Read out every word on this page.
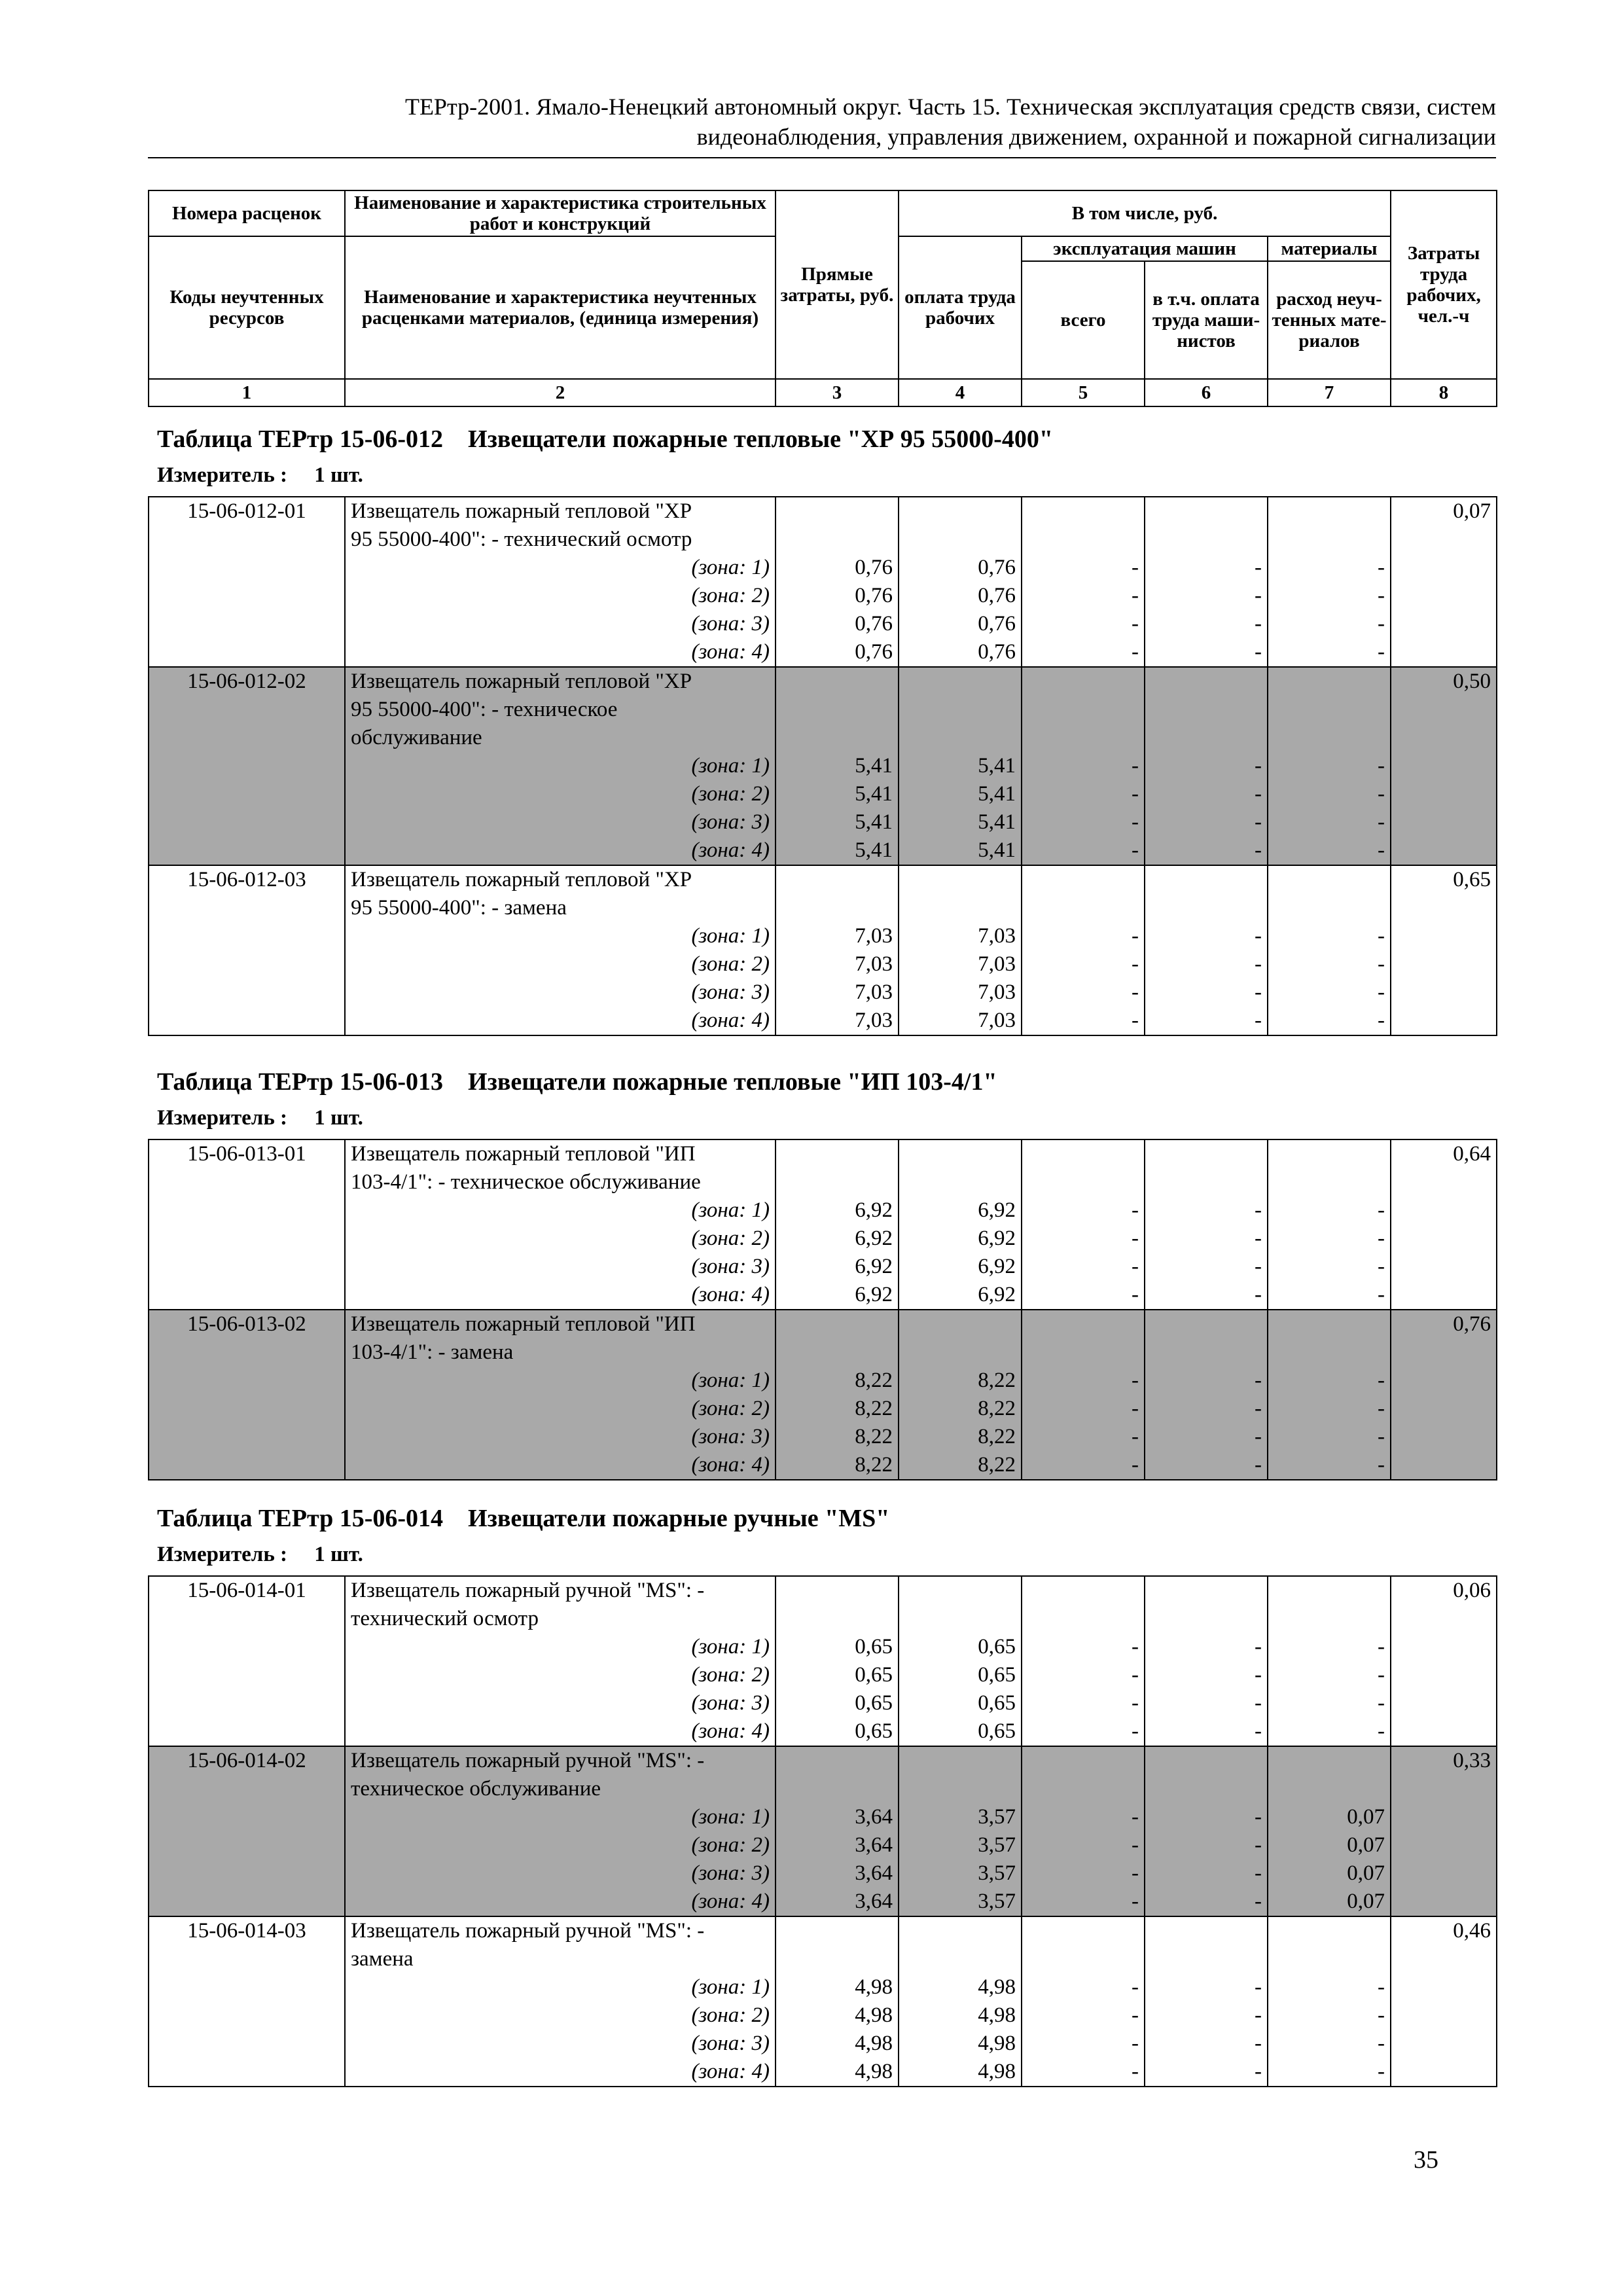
ТЕРтр-2001. Ямало-Ненецкий автономный округ. Часть 15. Техническая эксплуатация средств связи, систем
видеонаблюдения, управления движением, охранной и пожарной сигнализации
Номера расценок	Наименование и характеристика строительных работ и конструкций	Прямые затраты, руб.	В том числе, руб.				Затраты труда рабочих, чел.-ч
Коды неучтенных ресурсов	Наименование и характеристика неучтенных расценками материалов, (единица измерения)		оплата труда рабочих	эксплуатация машин		материалы	
				всего	в т.ч. оплата труда маши-нистов	расход неуч-тенных мате-риалов	

1	2	3	4	5	6	7	8
Таблица ТЕРтр 15-06-012    Извещатели пожарные тепловые "ХР 95 55000-400"
Измеритель :     1 шт.
15-06-012-01	Извещатель пожарный тепловой "ХР						0,07
	95 55000-400": - технический осмотр						
	(зона: 1)	0,76	0,76	-	-	-	
	(зона: 2)	0,76	0,76	-	-	-	
	(зона: 3)	0,76	0,76	-	-	-	
	(зона: 4)	0,76	0,76	-	-	-	
15-06-012-02	Извещатель пожарный тепловой "ХР						0,50
	95 55000-400": - техническое						
	обслуживание						
	(зона: 1)	5,41	5,41	-	-	-	
	(зона: 2)	5,41	5,41	-	-	-	
	(зона: 3)	5,41	5,41	-	-	-	
	(зона: 4)	5,41	5,41	-	-	-	
15-06-012-03	Извещатель пожарный тепловой "ХР						0,65
	95 55000-400": - замена						
	(зона: 1)	7,03	7,03	-	-	-	
	(зона: 2)	7,03	7,03	-	-	-	
	(зона: 3)	7,03	7,03	-	-	-	
	(зона: 4)	7,03	7,03	-	-	-	
Таблица ТЕРтр 15-06-013    Извещатели пожарные тепловые "ИП 103-4/1"
Измеритель :     1 шт.
15-06-013-01	Извещатель пожарный тепловой "ИП						0,64
	103-4/1": - техническое обслуживание						
	(зона: 1)	6,92	6,92	-	-	-	
	(зона: 2)	6,92	6,92	-	-	-	
	(зона: 3)	6,92	6,92	-	-	-	
	(зона: 4)	6,92	6,92	-	-	-	
15-06-013-02	Извещатель пожарный тепловой "ИП						0,76
	103-4/1": - замена						
	(зона: 1)	8,22	8,22	-	-	-	
	(зона: 2)	8,22	8,22	-	-	-	
	(зона: 3)	8,22	8,22	-	-	-	
	(зона: 4)	8,22	8,22	-	-	-	
Таблица ТЕРтр 15-06-014    Извещатели пожарные ручные "MS"
Измеритель :     1 шт.
15-06-014-01	Извещатель пожарный ручной "MS": -						0,06
	технический осмотр						
	(зона: 1)	0,65	0,65	-	-	-	
	(зона: 2)	0,65	0,65	-	-	-	
	(зона: 3)	0,65	0,65	-	-	-	
	(зона: 4)	0,65	0,65	-	-	-	
15-06-014-02	Извещатель пожарный ручной "MS": -						0,33
	техническое обслуживание						
	(зона: 1)	3,64	3,57	-	-	0,07	
	(зона: 2)	3,64	3,57	-	-	0,07	
	(зона: 3)	3,64	3,57	-	-	0,07	
	(зона: 4)	3,64	3,57	-	-	0,07	
15-06-014-03	Извещатель пожарный ручной "MS": -						0,46
	замена						
	(зона: 1)	4,98	4,98	-	-	-	
	(зона: 2)	4,98	4,98	-	-	-	
	(зона: 3)	4,98	4,98	-	-	-	
	(зона: 4)	4,98	4,98	-	-	-	
35
